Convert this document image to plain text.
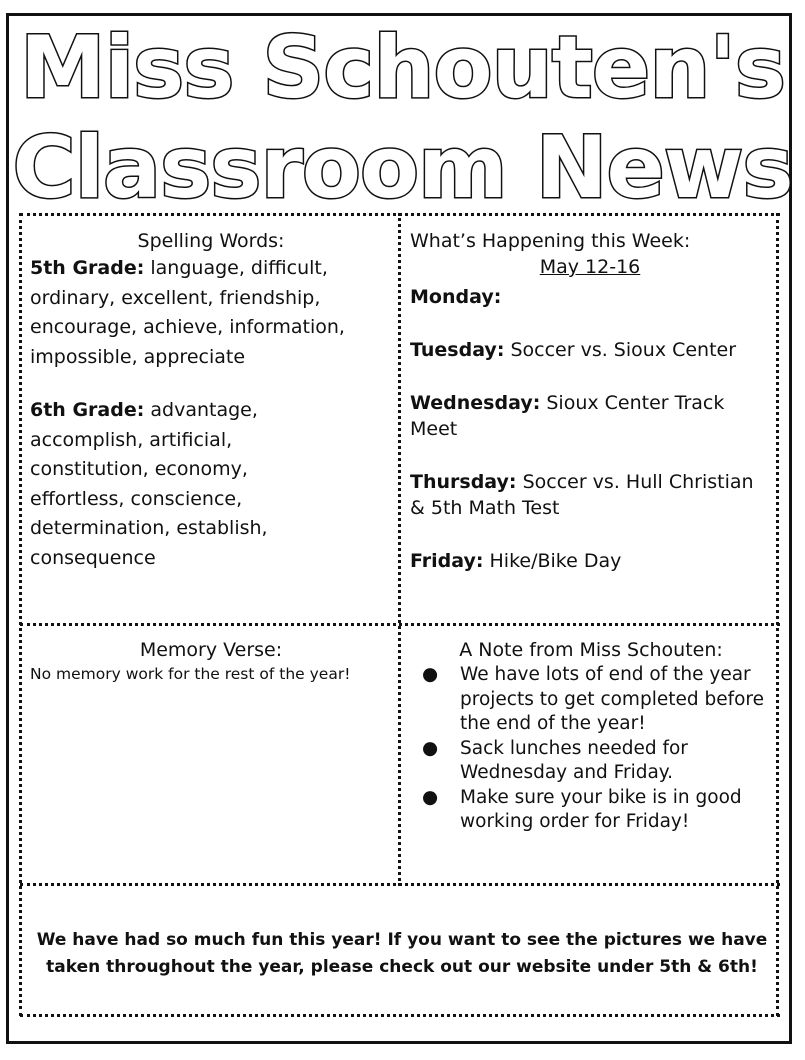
Miss Schouten's
Classroom News
Spelling Words:
5th Grade: language, difficult,
ordinary, excellent, friendship,
encourage, achieve, information,
impossible, appreciate
6th Grade: advantage,
accomplish, artificial,
constitution, economy,
effortless, conscience,
determination, establish,
consequence
What’s Happening this Week:
May 12-16
Monday:
Tuesday: Soccer vs. Sioux Center
Wednesday: Sioux Center Track Meet
Thursday: Soccer vs. Hull Christian & 5th Math Test
Friday: Hike/Bike Day
Memory Verse:
No memory work for the rest of the year!
A Note from Miss Schouten:
● We have lots of end of the year projects to get completed before the end of the year!
● Sack lunches needed for Wednesday and Friday.
● Make sure your bike is in good working order for Friday!
We have had so much fun this year! If you want to see the pictures we have taken throughout the year, please check out our website under 5th & 6th!
